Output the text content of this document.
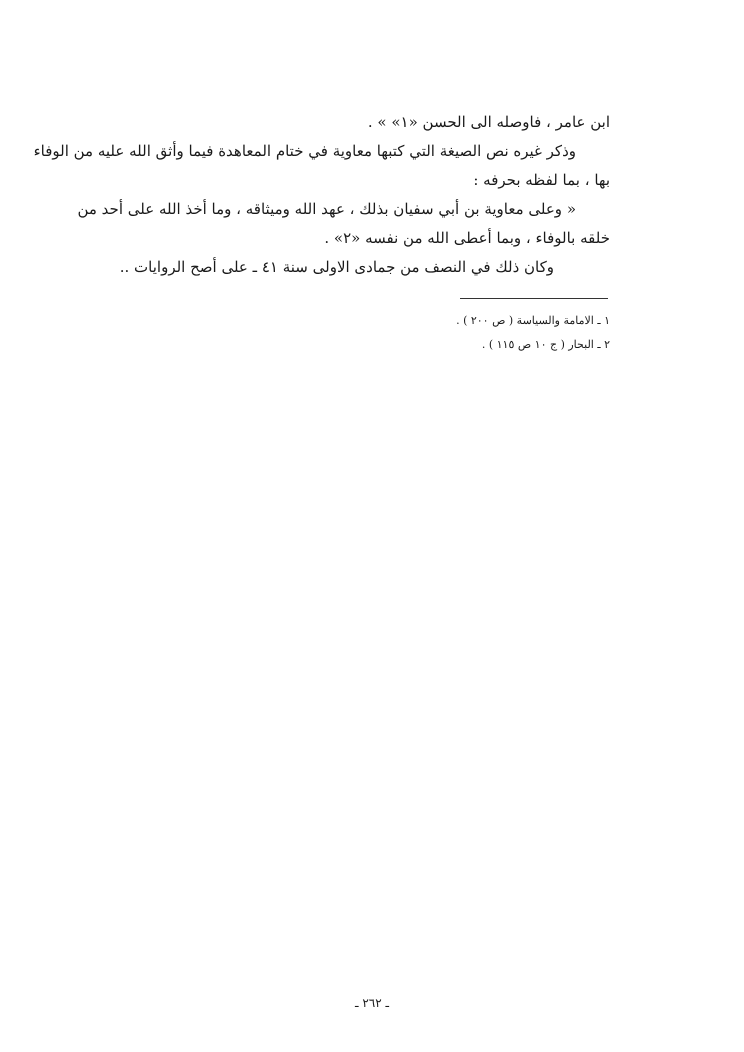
ابن عامر ، فاوصله الى الحسن «١» » .
وذكر غيره نص الصيغة التي كتبها معاوية في ختام المعاهدة فيما وأثق الله عليه من الوفاء
بها ، بما لفظه بحرفه :
« وعلى معاوية بن أبي سفيان بذلك ، عهد الله وميثاقه ، وما أخذ الله على أحد من
خلقه بالوفاء ، وبما أعطى الله من نفسه «٢» .
وكان ذلك في النصف من جمادى الاولى سنة ٤١ ـ على أصح الروايات ..
١ ـ الامامة والسياسة ( ص ٢٠٠ ) .
٢ ـ البحار ( ج ١٠ ص ١١٥ ) .
ـ ٢٦٢ ـ
